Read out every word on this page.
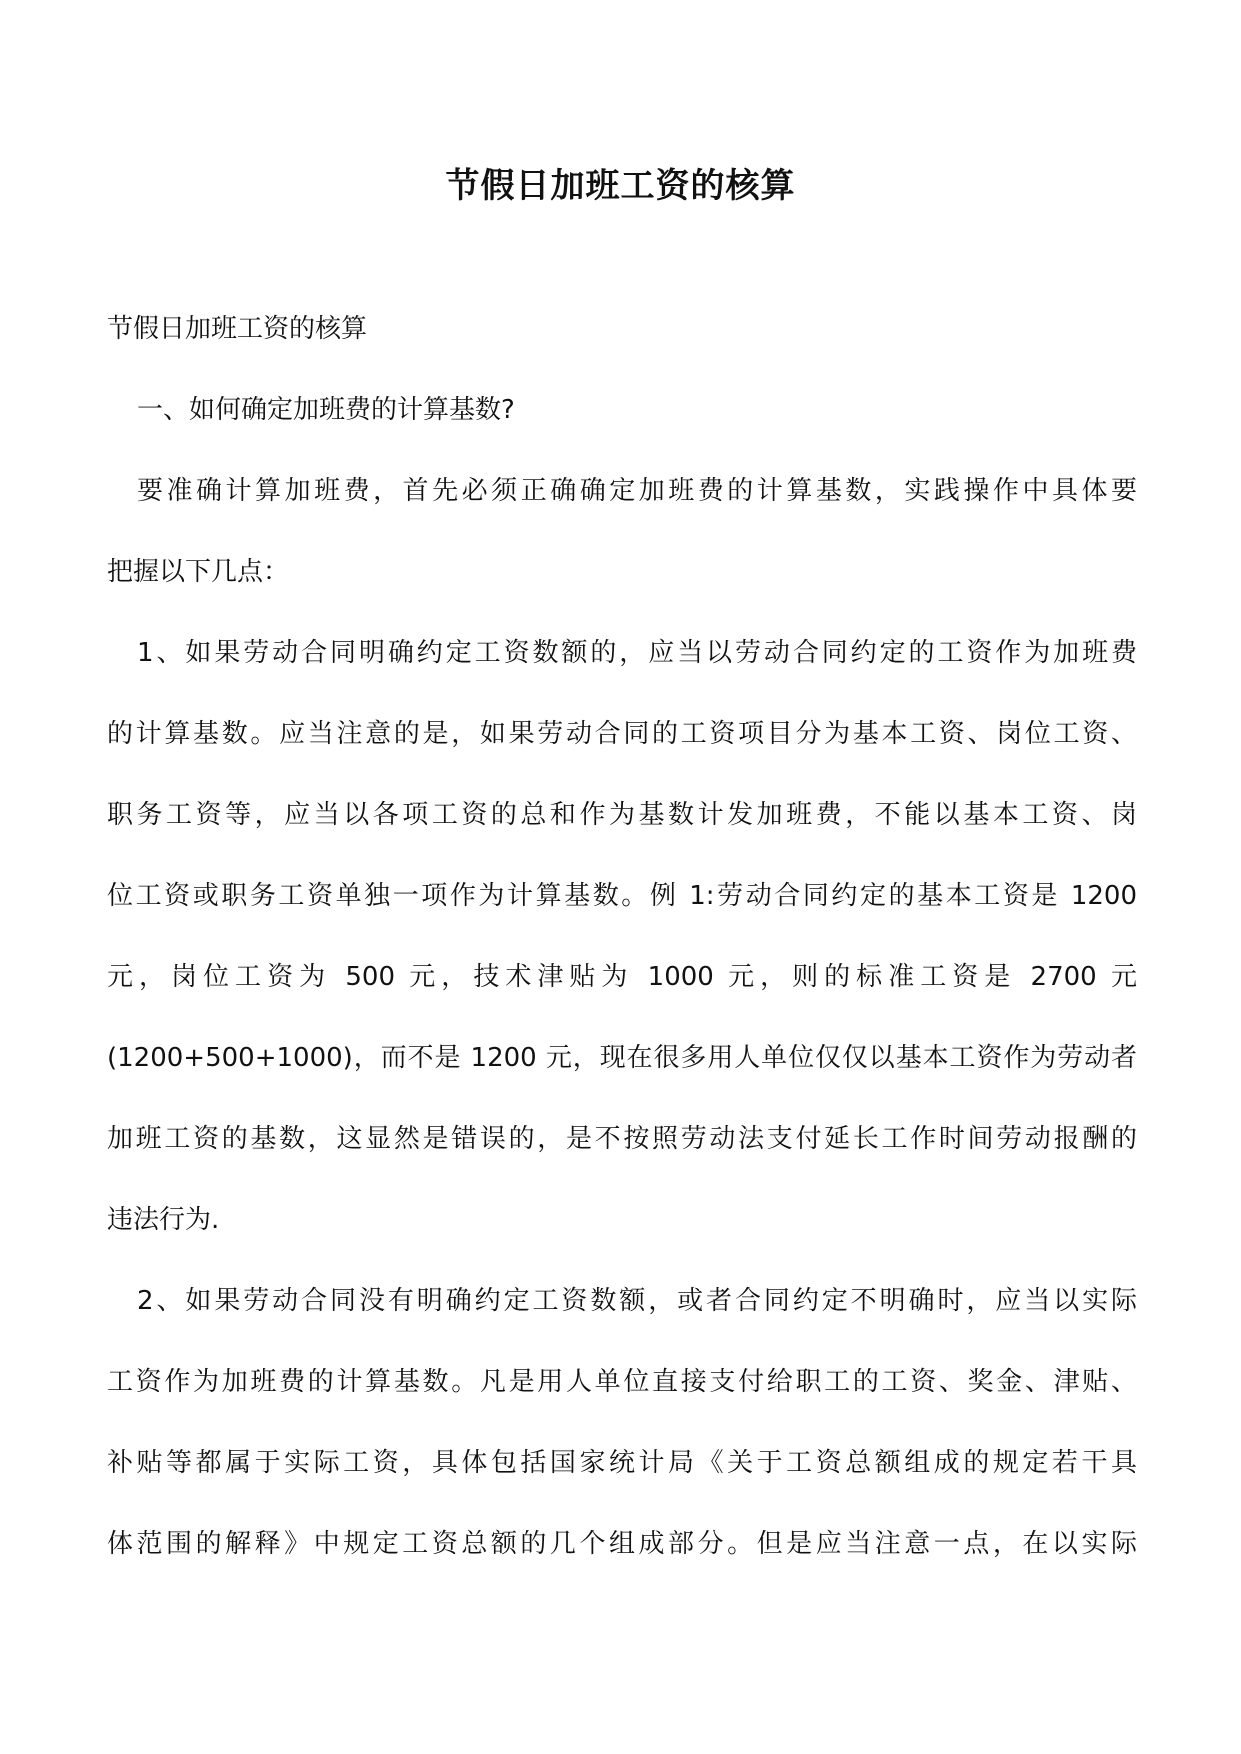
节假日加班工资的核算
节假日加班工资的核算
一、如何确定加班费的计算基数?
要准确计算加班费，首先必须正确确定加班费的计算基数，实践操作中具体要
把握以下几点：
1、如果劳动合同明确约定工资数额的，应当以劳动合同约定的工资作为加班费
的计算基数。应当注意的是，如果劳动合同的工资项目分为基本工资、岗位工资、
职务工资等，应当以各项工资的总和作为基数计发加班费，不能以基本工资、岗
位工资或职务工资单独一项作为计算基数。例 1:劳动合同约定的基本工资是 1200
元，岗位工资为 500 元，技术津贴为 1000 元，则的标准工资是 2700 元
(1200+500+1000)，而不是 1200 元，现在很多用人单位仅仅以基本工资作为劳动者
加班工资的基数，这显然是错误的，是不按照劳动法支付延长工作时间劳动报酬的
违法行为.
2、如果劳动合同没有明确约定工资数额，或者合同约定不明确时，应当以实际
工资作为加班费的计算基数。凡是用人单位直接支付给职工的工资、奖金、津贴、
补贴等都属于实际工资，具体包括国家统计局《关于工资总额组成的规定若干具
体范围的解释》中规定工资总额的几个组成部分。但是应当注意一点，在以实际
